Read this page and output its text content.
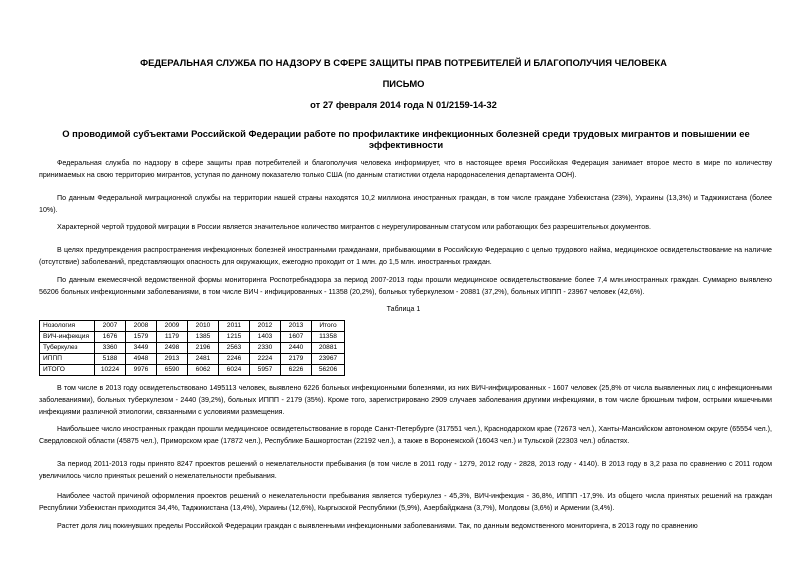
ФЕДЕРАЛЬНАЯ СЛУЖБА ПО НАДЗОРУ В СФЕРЕ ЗАЩИТЫ ПРАВ ПОТРЕБИТЕЛЕЙ И БЛАГОПОЛУЧИЯ ЧЕЛОВЕКА
ПИСЬМО
от 27 февраля 2014 года N 01/2159-14-32
О проводимой субъектами Российской Федерации работе по профилактике инфекционных болезней среди трудовых мигрантов и повышении ее эффективности

Федеральная служба по надзору в сфере защиты прав потребителей и благополучия человека информирует, что в настоящее время Российская Федерация занимает второе место в мире по количеству принимаемых на свою территорию мигрантов, уступая по данному показателю только США (по данным статистики отдела народонаселения департамента ООН).

По данным Федеральной миграционной службы на территории нашей страны находятся 10,2 миллиона иностранных граждан, в том числе граждане Узбекистана (23%), Украины (13,3%) и Таджикистана (более 10%).

Характерной чертой трудовой миграции в России является значительное количество мигрантов с неурегулированным статусом или работающих без разрешительных документов.

В целях предупреждения распространения инфекционных болезней иностранными гражданами, прибывающими в Российскую Федерацию с целью трудового найма, медицинское освидетельствование на наличие (отсутствие) заболеваний, представляющих опасность для окружающих, ежегодно проходит от 1 млн. до 1,5 млн. иностранных граждан.

По данным ежемесячной ведомственной формы мониторинга Роспотребнадзора за период 2007-2013 годы прошли медицинское освидетельствование более 7,4 млн.иностранных граждан. Суммарно выявлено 56206 больных инфекционными заболеваниями, в том числе ВИЧ - инфицированных - 11358 (20,2%), больных туберкулезом - 20881 (37,2%), больных ИППП - 23967 человек (42,6%).

Таблица 1
Нозология	2007	2008	2009	2010	2011	2012	2013	Итого
ВИЧ-инфекция	1676	1579	1179	1385	1215	1403	1607	11358
Туберкулез	3360	3449	2498	2196	2563	2330	2440	20881
ИППП	5188	4948	2913	2481	2246	2224	2179	23967
ИТОГО	10224	9976	6590	6062	6024	5957	6226	56206

В том числе в 2013 году освидетельствовано 1495113 человек, выявлено 6226 больных инфекционными болезнями, из них ВИЧ-инфицированных - 1607 человек (25,8% от числа выявленных лиц с инфекционными заболеваниями), больных туберкулезом - 2440 (39,2%), больных ИППП - 2179 (35%). Кроме того, зарегистрировано 2909 случаев заболевания другими инфекциями, в том числе брюшным тифом, острыми кишечными инфекциями различной этиологии, связанными с условиями размещения.

Наибольшее число иностранных граждан прошли медицинское освидетельствование в городе Санкт-Петербурге (317551 чел.), Краснодарском крае (72673 чел.), Ханты-Мансийском автономном округе (65554 чел.), Свердловской области (45875 чел.), Приморском крае (17872 чел.), Республике Башкортостан (22192 чел.), а также в Воронежской (16043 чел.) и Тульской (22303 чел.) областях.

За период 2011-2013 годы принято 8247 проектов решений о нежелательности пребывания (в том числе в 2011 году - 1279, 2012 году - 2828, 2013 году - 4140). В 2013 году в 3,2 раза по сравнению с 2011 годом увеличилось число принятых решений о нежелательности пребывания.

Наиболее частой причиной оформления проектов решений о нежелательности пребывания является туберкулез - 45,3%, ВИЧ-инфекция - 36,8%, ИППП -17,9%. Из общего числа принятых решений на граждан Республики Узбекистан приходится 34,4%, Таджикистана (13,4%), Украины (12,6%), Кыргызской Республики (5,9%), Азербайджана (3,7%), Молдовы (3,6%) и Армении (3,4%).

Растет доля лиц покинувших пределы Российской Федерации граждан с выявленными инфекционными заболеваниями. Так, по данным ведомственного мониторинга, в 2013 году по сравнению
